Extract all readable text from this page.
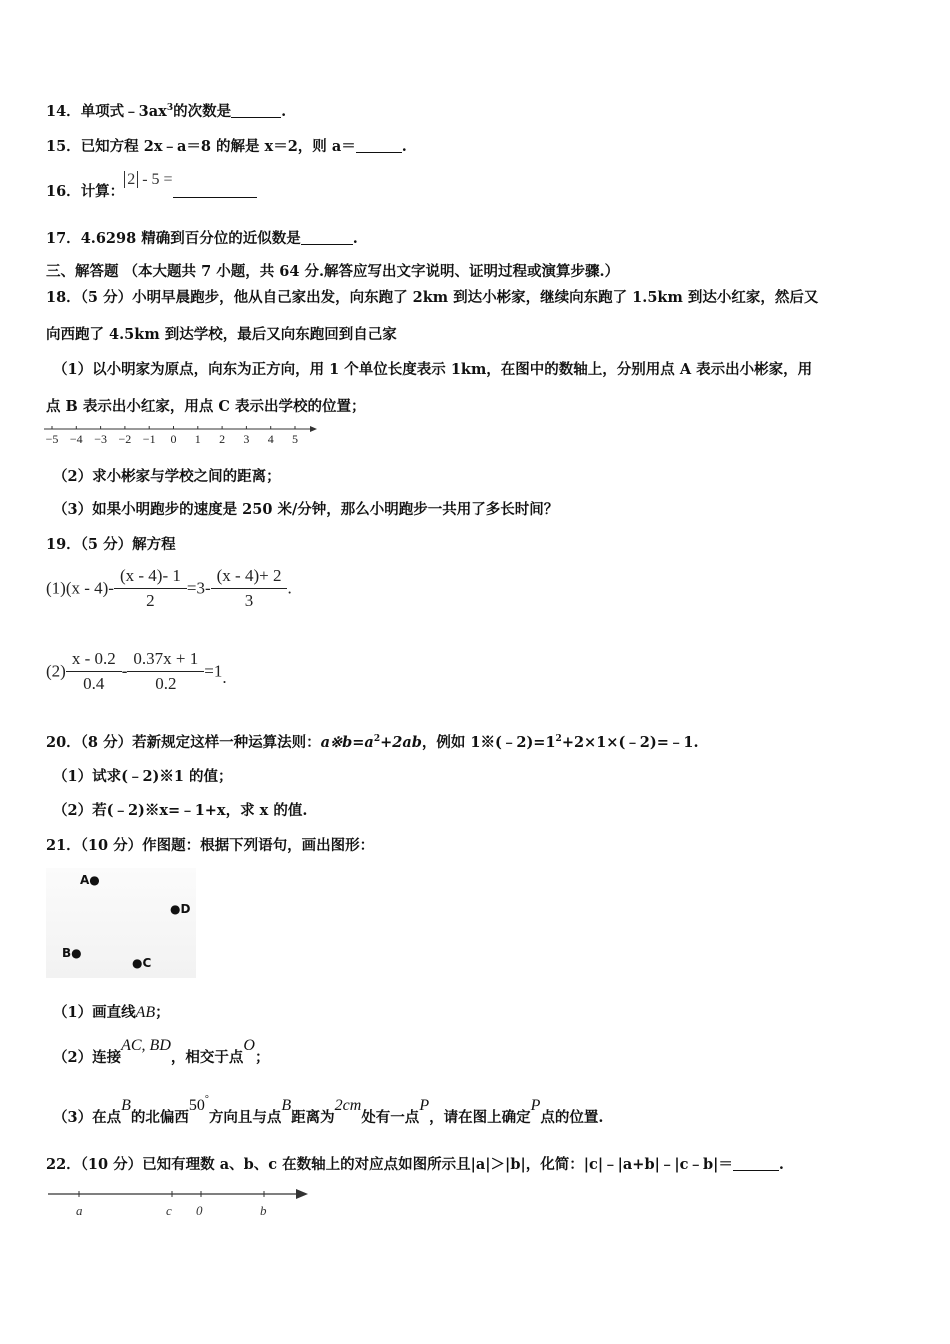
14．单项式$﹣3ax^3$的次数是	.
15．已知方程 2x﹣a＝8 的解是 x＝2，则 a＝	.
16．计算：2 - 5 =
17．4.6298 精确到百分位的近似数是	.
三、解答题 （本大题共 7 小题，共 64 分.解答应写出文字说明、证明过程或演算步骤.）
18．（5 分）小明早晨跑步，他从自己家出发，向东跑了 2km 到达小彬家，继续向东跑了 1.5km 到达小红家，然后又
向西跑了 4.5km 到达学校，最后又向东跑回到自己家
（1）以小明家为原点，向东为正方向，用 1 个单位长度表示 1km，在图中的数轴上，分别用点 A 表示出小彬家，用
点 B 表示出小红家，用点 C 表示出学校的位置；
−5 −4 −3 −2 −1 0 1 2 3 4 5
（2）求小彬家与学校之间的距离；
（3）如果小明跑步的速度是 250 米/分钟，那么小明跑步一共用了多长时间？
19．（5 分）解方程
$(1)(x - 4)- \frac{(x - 4)- 1}{2} =3- \frac{(x - 4)+ 2}{3}$ .
$(2) \frac{x - 0.2}{0.4} - \frac{0.37x + 1}{0.2} =1$.
20．（8 分）若新规定这样一种运算法则：$a※b=a^2+2ab$，例如 $1※(﹣2)=1^2+2\times 1\times(﹣2)=﹣1$.
（1）试求(﹣2)※1 的值；
（2）若(﹣2)※x=﹣1+x，求 x 的值.
21．（10 分）作图题：根据下列语句，画出图形：
A●
●D
B●
●C
（1）画直线AB；
（2）连接AC, BD，相交于点O；
（3）在点B的北偏西50°方向且与点B距离为2cm处有一点P，请在图上确定P点的位置.
22．（10 分）已知有理数 a、b、c 在数轴上的对应点如图所示且|a|＞|b|，化简：|c|﹣|a+b|﹣|c﹣b|＝	.
a	c 0	b
